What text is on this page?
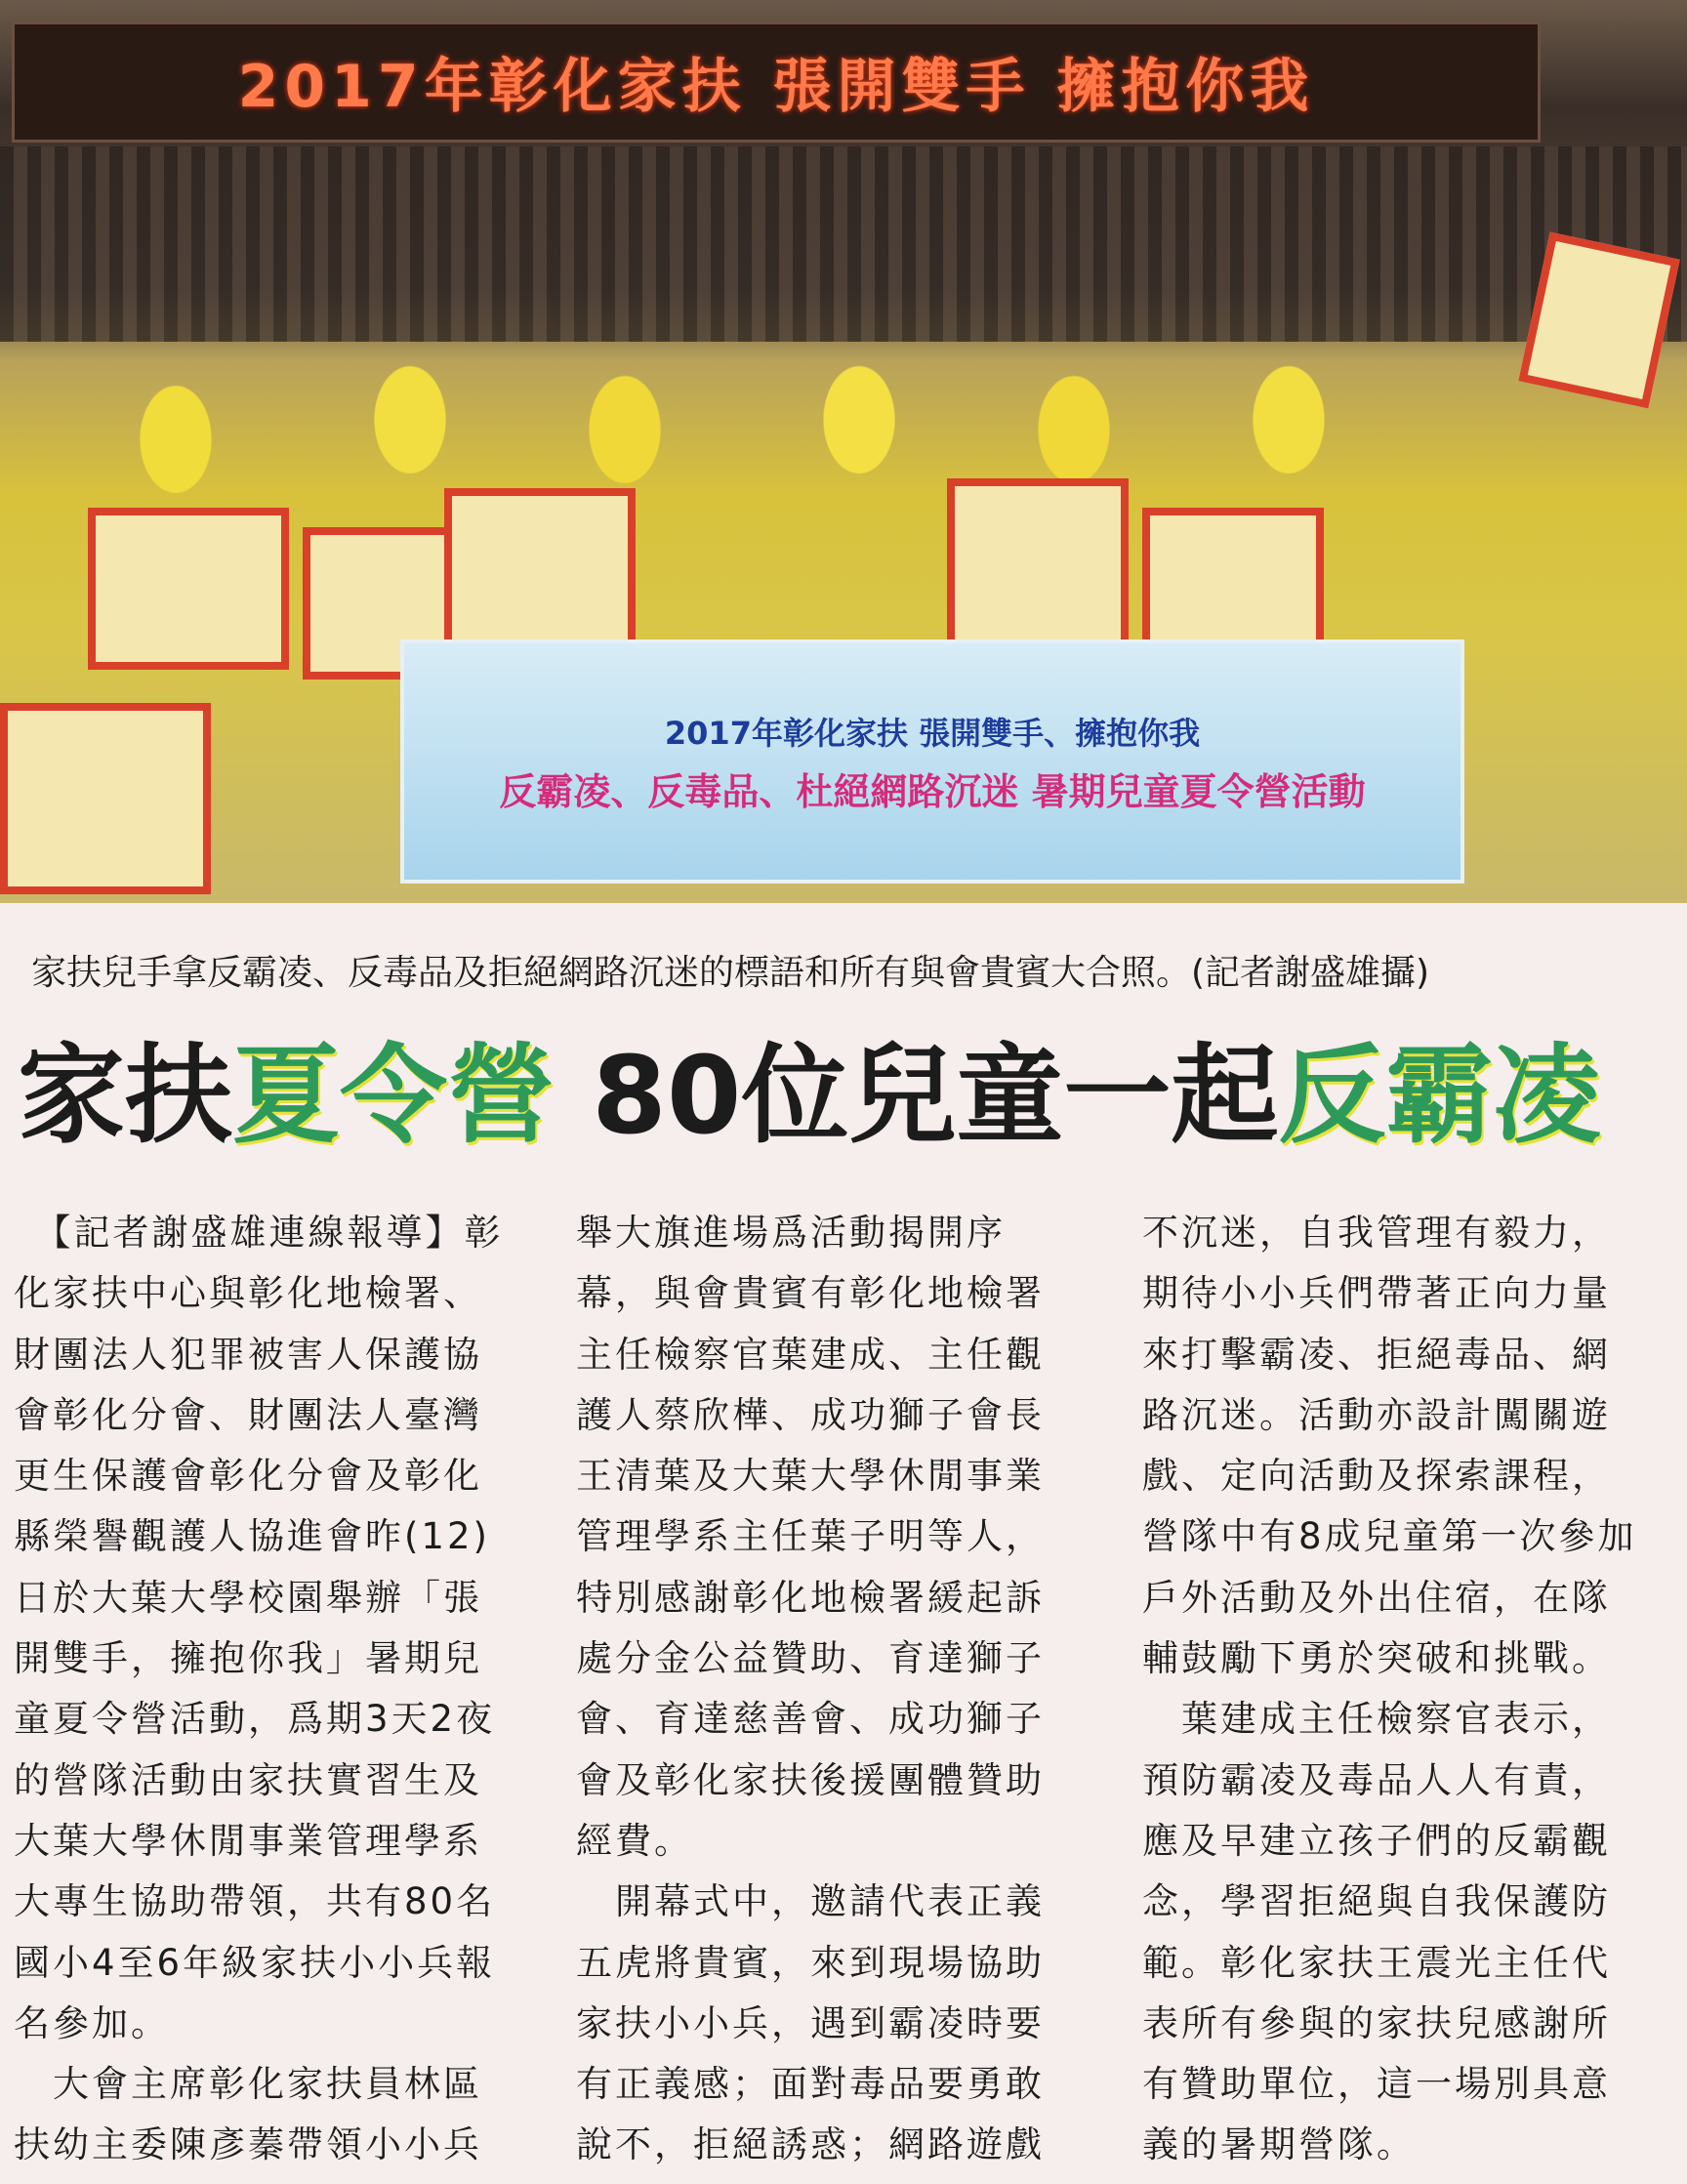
2017年彰化家扶 張開雙手 擁抱你我
2017年彰化家扶 張開雙手、擁抱你我
反霸凌、反毒品、杜絕網路沉迷 暑期兒童夏令營活動
家扶兒手拿反霸凌、反毒品及拒絕網路沉迷的標語和所有與會貴賓大合照。(記者謝盛雄攝)
家扶夏令營 80位兒童一起反霸凌
　【記者謝盛雄連線報導】彰
化家扶中心與彰化地檢署、
財團法人犯罪被害人保護協
會彰化分會、財團法人臺灣
更生保護會彰化分會及彰化
縣榮譽觀護人協進會昨(12)
日於大葉大學校園舉辦「張
開雙手，擁抱你我」暑期兒
童夏令營活動，爲期3天2夜
的營隊活動由家扶實習生及
大葉大學休閒事業管理學系
大專生協助帶領，共有80名
國小4至6年級家扶小小兵報
名參加。
　大會主席彰化家扶員林區
扶幼主委陳彥蓁帶領小小兵
舉大旗進場爲活動揭開序
幕，與會貴賓有彰化地檢署
主任檢察官葉建成、主任觀
護人蔡欣樺、成功獅子會長
王清葉及大葉大學休閒事業
管理學系主任葉子明等人，
特別感謝彰化地檢署緩起訴
處分金公益贊助、育達獅子
會、育達慈善會、成功獅子
會及彰化家扶後援團體贊助
經費。
　開幕式中，邀請代表正義
五虎將貴賓，來到現場協助
家扶小小兵，遇到霸凌時要
有正義感；面對毒品要勇敢
說不，拒絕誘惑；網路遊戲
不沉迷，自我管理有毅力，
期待小小兵們帶著正向力量
來打擊霸凌、拒絕毒品、網
路沉迷。活動亦設計闖關遊
戲、定向活動及探索課程，
營隊中有8成兒童第一次參加
戶外活動及外出住宿，在隊
輔鼓勵下勇於突破和挑戰。
　葉建成主任檢察官表示，
預防霸凌及毒品人人有責，
應及早建立孩子們的反霸觀
念，學習拒絕與自我保護防
範。彰化家扶王震光主任代
表所有參與的家扶兒感謝所
有贊助單位，這一場別具意
義的暑期營隊。
